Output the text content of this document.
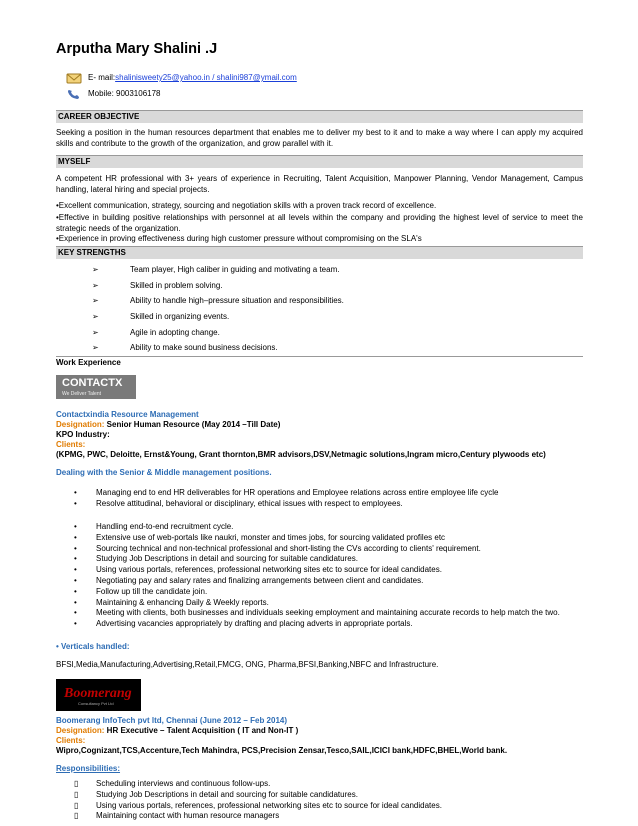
Arputha Mary Shalini .J
E- mail: shalinisweety25@yahoo.in / shalini987@ymail.com
Mobile: 9003106178
CAREER OBJECTIVE
Seeking a position in the human resources department that enables me to deliver my best to it and to make a way where I can apply my acquired skills and contribute to the growth of the organization, and grow parallel with it.
MYSELF
A competent HR professional with 3+ years of experience in Recruiting, Talent Acquisition, Manpower Planning, Vendor Management, Campus handling, lateral hiring and special projects.
•Excellent communication, strategy, sourcing and negotiation skills with a proven track record of excellence.
•Effective in building positive relationships with personnel at all levels within the company and providing the highest level of service to meet the strategic needs of the organization.
•Experience in proving effectiveness during high customer pressure without compromising on the SLA's
KEY STRENGTHS
➢	Team player, High caliber in guiding and motivating a team.
➢	Skilled in problem solving.
➢	Ability to handle high–pressure situation and responsibilities.
➢	Skilled in organizing events.
➢	Agile in adopting change.
➢	Ability to make sound business decisions.
Work Experience
CONTACTX
We Deliver Talent
Contactxindia Resource Management
Designation: Senior Human Resource (May 2014 –Till Date)
KPO Industry:
Clients:
(KPMG, PWC, Deloitte, Ernst&Young, Grant thornton,BMR advisors,DSV,Netmagic solutions,Ingram micro,Century plywoods etc)
Dealing with the Senior & Middle management positions.
•	Managing end to end HR deliverables for HR operations and Employee relations across entire employee life cycle
•	Resolve attitudinal, behavioral or disciplinary, ethical issues with respect to employees.
•	Handling end-to-end recruitment cycle.
•	Extensive use of web-portals like naukri, monster and times jobs, for sourcing validated profiles etc
•	Sourcing technical and non-technical professional and short-listing the CVs according to clients' requirement.
•	Studying Job Descriptions in detail and sourcing for suitable candidatures.
•	Using various portals, references, professional networking sites etc to source for ideal candidates.
•	Negotiating pay and salary rates and finalizing arrangements between client and candidates.
•	Follow up till the candidate join.
•	Maintaining & enhancing Daily & Weekly reports.
•	Meeting with clients, both businesses and individuals seeking employment and maintaining accurate records to help match the two.
•	Advertising vacancies appropriately by drafting and placing adverts in appropriate portals.
• Verticals handled:
BFSI,Media,Manufacturing,Advertising,Retail,FMCG, ONG, Pharma,BFSI,Banking,NBFC and Infrastructure.
Boomerang
Consultancy Pvt Ltd
Boomerang InfoTech pvt ltd, Chennai (June 2012 – Feb 2014)
Designation: HR Executive – Talent Acquisition ( IT and Non-IT )
Clients:
Wipro,Cognizant,TCS,Accenture,Tech Mahindra, PCS,Precision Zensar,Tesco,SAIL,ICICI bank,HDFC,BHEL,World bank.
Responsibilities:
▯	Scheduling interviews and continuous follow-ups.
▯	Studying Job Descriptions in detail and sourcing for suitable candidatures.
▯	Using various portals, references, professional networking sites etc to source for ideal candidates.
▯	Maintaining contact with human resource managers
